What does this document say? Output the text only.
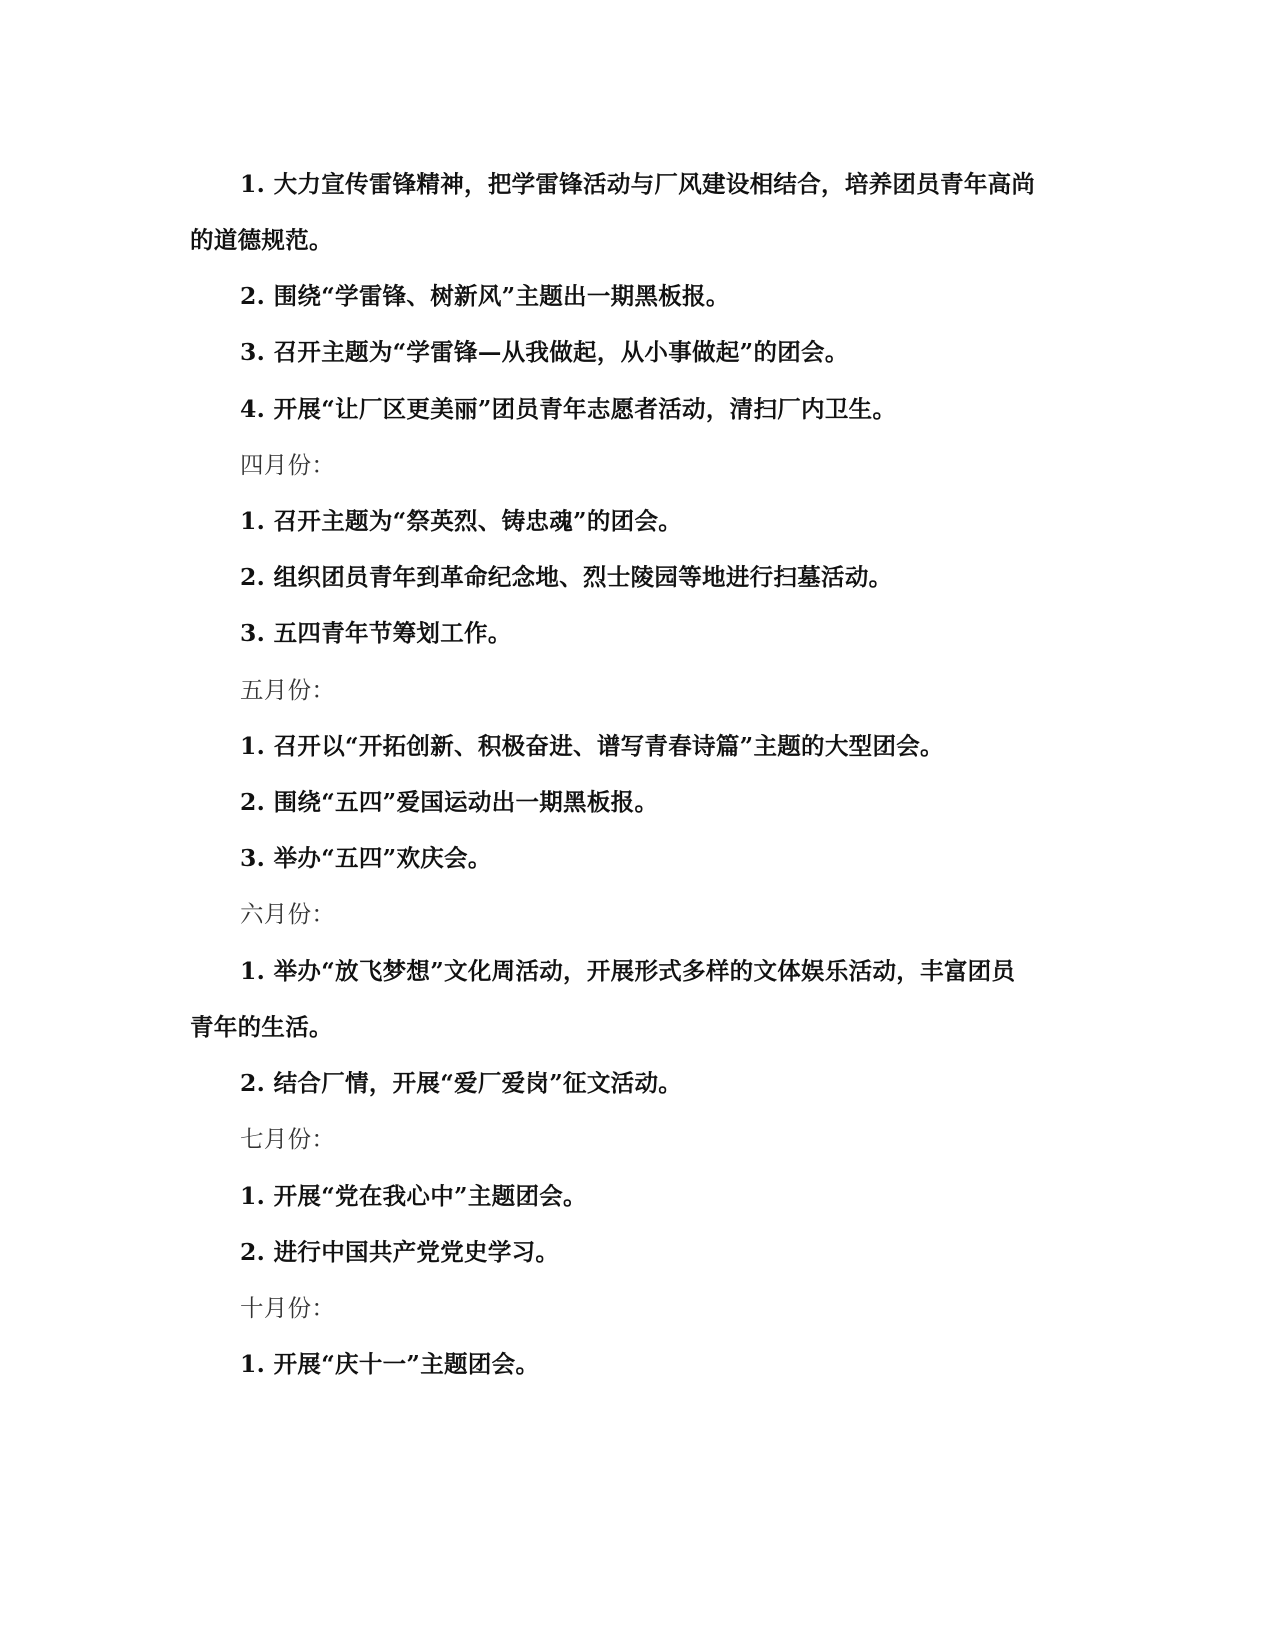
1. 大力宣传雷锋精神，把学雷锋活动与厂风建设相结合，培养团员青年高尚
的道德规范。
2. 围绕“学雷锋、树新风”主题出一期黑板报。
3. 召开主题为“学雷锋—从我做起，从小事做起”的团会。
4. 开展“让厂区更美丽”团员青年志愿者活动，清扫厂内卫生。
四月份：
1. 召开主题为“祭英烈、铸忠魂”的团会。
2. 组织团员青年到革命纪念地、烈士陵园等地进行扫墓活动。
3. 五四青年节筹划工作。
五月份：
1. 召开以“开拓创新、积极奋进、谱写青春诗篇”主题的大型团会。
2. 围绕“五四”爱国运动出一期黑板报。
3. 举办“五四”欢庆会。
六月份：
1. 举办“放飞梦想”文化周活动，开展形式多样的文体娱乐活动，丰富团员
青年的生活。
2. 结合厂情，开展“爱厂爱岗”征文活动。
七月份：
1. 开展“党在我心中”主题团会。
2. 进行中国共产党党史学习。
十月份：
1. 开展“庆十一”主题团会。
